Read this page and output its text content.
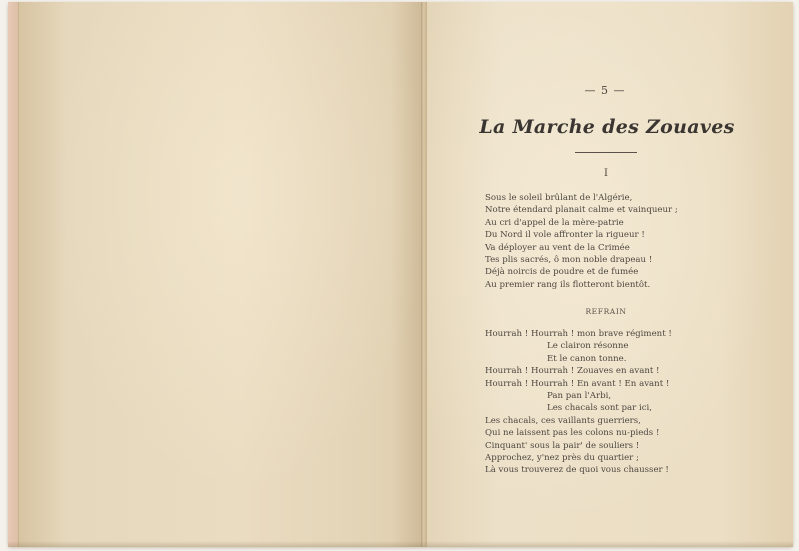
— 5 —
La Marche des Zouaves
I
Sous le soleil brûlant de l'Algérie,
Notre étendard planait calme et vainqueur ;
Au cri d'appel de la mère-patrie
Du Nord il vole affronter la rigueur !
Va déployer au vent de la Crimée
Tes plis sacrés, ô mon noble drapeau !
Déjà noircis de poudre et de fumée
Au premier rang ils flotteront bientôt.
REFRAIN
Hourrah ! Hourrah ! mon brave régiment !
Le clairon résonne
Et le canon tonne.
Hourrah ! Hourrah ! Zouaves en avant !
Hourrah ! Hourrah ! En avant ! En avant !
Pan pan l'Arbi,
Les chacals sont par ici,
Les chacals, ces vaillants guerriers,
Qui ne laissent pas les colons nu-pieds !
Cinquant' sous la pair' de souliers !
Approchez, y'nez près du quartier ;
Là vous trouverez de quoi vous chausser !
